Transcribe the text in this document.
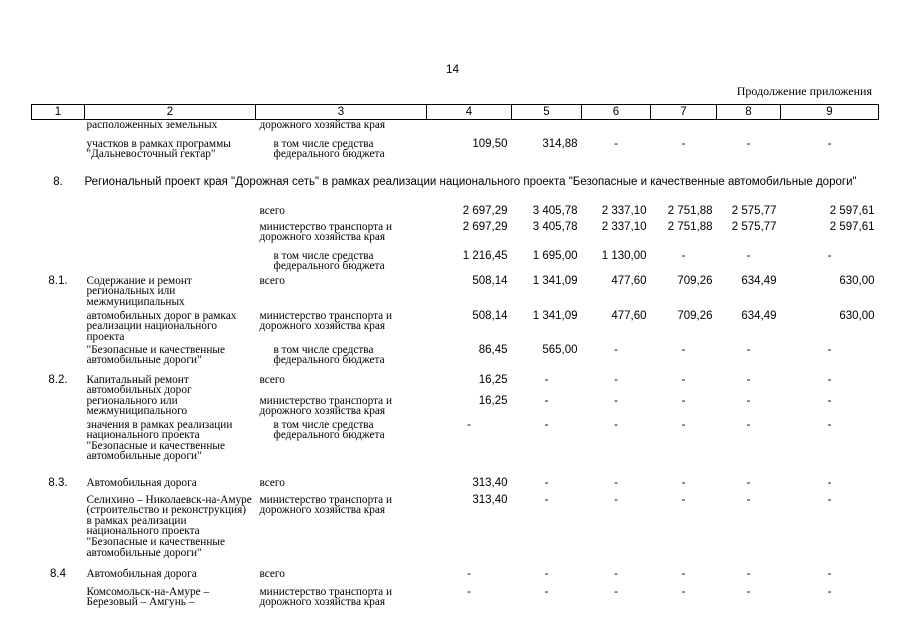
14
Продолжение приложения
1	2	3	4	5	6	7	8	9
	расположенных земельных	дорожного хозяйства края						
	участков в рамках программы "Дальневосточный гектар"	в том числе средства федерального бюджета	109,50	314,88	-	-	-	-
8.	Региональный проект края "Дорожная сеть" в рамках реализации национального проекта "Безопасные и качественные автомобильные дороги"							
		всего	2 697,29	3 405,78	2 337,10	2 751,88	2 575,77	2 597,61
		министерство транспорта и дорожного хозяйства края	2 697,29	3 405,78	2 337,10	2 751,88	2 575,77	2 597,61
		в том числе средства федерального бюджета	1 216,45	1 695,00	1 130,00	-	-	-
8.1.	Содержание и ремонт региональных или межмуниципальных	всего	508,14	1 341,09	477,60	709,26	634,49	630,00
	автомобильных дорог в рамках реализации национального проекта	министерство транспорта и дорожного хозяйства края	508,14	1 341,09	477,60	709,26	634,49	630,00
	"Безопасные и качественные автомобильные дороги"	в том числе средства федерального бюджета	86,45	565,00	-	-	-	-
8.2.	Капитальный ремонт автомобильных дорог	всего	16,25	-	-	-	-	-
	регионального или межмуниципального	министерство транспорта и дорожного хозяйства края	16,25	-	-	-	-	-
	значения в рамках реализации национального проекта "Безопасные и качественные автомобильные дороги"	в том числе средства федерального бюджета	-	-	-	-	-	-
8.3.	Автомобильная дорога	всего	313,40	-	-	-	-	-
	Селихино – Николаевск-на-Амуре (строительство и реконструкция) в рамках реализации национального проекта "Безопасные и качественные автомобильные дороги"	министерство транспорта и дорожного хозяйства края	313,40	-	-	-	-	-
8.4	Автомобильная дорога	всего	-	-	-	-	-	-
	Комсомольск-на-Амуре – Березовый – Амгунь –	министерство транспорта и дорожного хозяйства края	-	-	-	-	-	-
